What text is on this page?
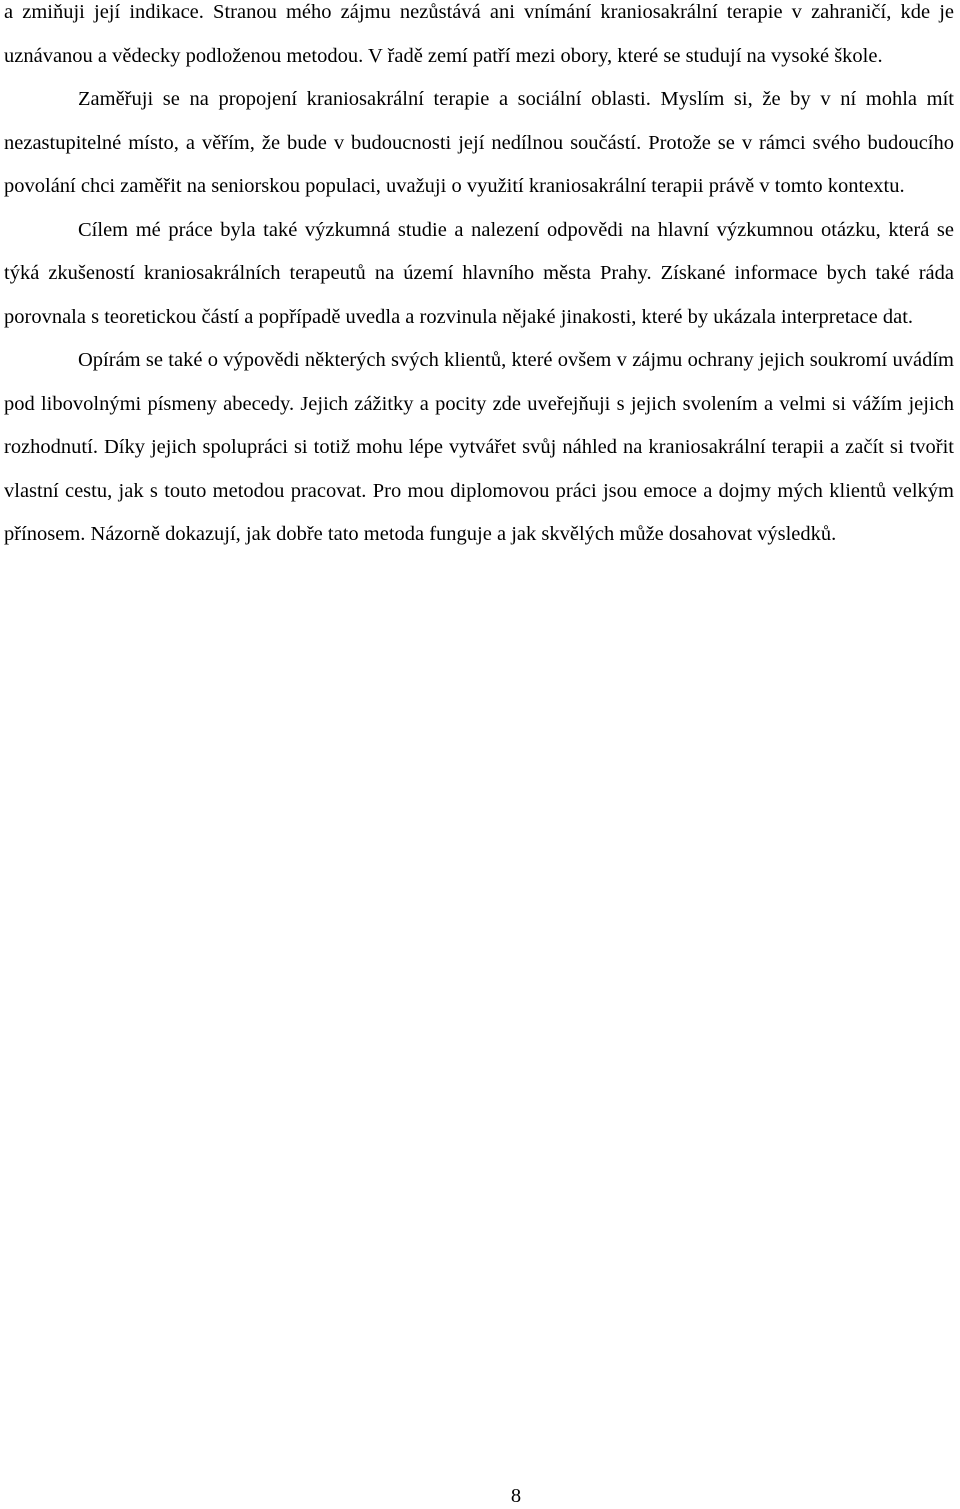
a zmiňuji její indikace. Stranou mého zájmu nezůstává ani vnímání kraniosakrální terapie v zahraničí, kde je uznávanou a vědecky podloženou metodou. V řadě zemí patří mezi obory, které se studují na vysoké škole.

Zaměřuji se na propojení kraniosakrální terapie a sociální oblasti. Myslím si, že by v ní mohla mít nezastupitelné místo, a věřím, že bude v budoucnosti její nedílnou součástí. Protože se v rámci svého budoucího povolání chci zaměřit na seniorskou populaci, uvažuji o využití kraniosakrální terapii právě v tomto kontextu.

Cílem mé práce byla také výzkumná studie a nalezení odpovědi na hlavní výzkumnou otázku, která se týká zkušeností kraniosakrálních terapeutů na území hlavního města Prahy. Získané informace bych také ráda porovnala s teoretickou částí a popřípadě uvedla a rozvinula nějaké jinakosti, které by ukázala interpretace dat.

Opírám se také o výpovědi některých svých klientů, které ovšem v zájmu ochrany jejich soukromí uvádím pod libovolnými písmeny abecedy. Jejich zážitky a pocity zde uveřejňuji s jejich svolením a velmi si vážím jejich rozhodnutí. Díky jejich spolupráci si totiž mohu lépe vytvářet svůj náhled na kraniosakrální terapii a začít si tvořit vlastní cestu, jak s touto metodou pracovat. Pro mou diplomovou práci jsou emoce a dojmy mých klientů velkým přínosem. Názorně dokazují, jak dobře tato metoda funguje a jak skvělých může dosahovat výsledků.

8
